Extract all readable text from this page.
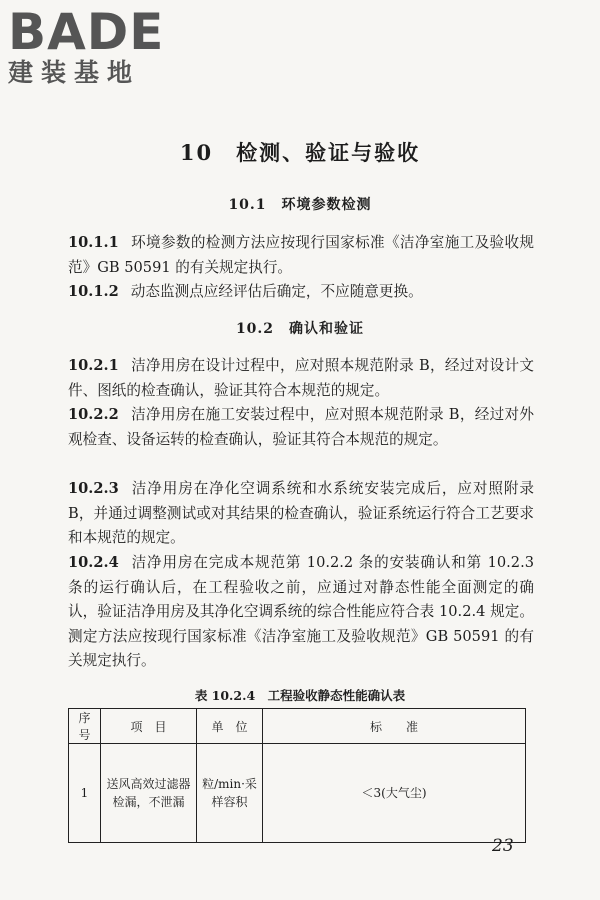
BADE
建装基地
10　检测、验证与验收
10.1　环境参数检测

10.1.1 环境参数的检测方法应按现行国家标准《洁净室施工及验收规范》GB 50591 的有关规定执行。

10.1.2 动态监测点应经评估后确定，不应随意更换。

10.2　确认和验证

10.2.1 洁净用房在设计过程中，应对照本规范附录 B，经过对设计文件、图纸的检查确认，验证其符合本规范的规定。

10.2.2 洁净用房在施工安装过程中，应对照本规范附录 B，经过对外观检查、设备运转的检查确认，验证其符合本规范的规定。

10.2.3 洁净用房在净化空调系统和水系统安装完成后，应对照附录 B，并通过调整测试或对其结果的检查确认，验证系统运行符合工艺要求和本规范的规定。

10.2.4 洁净用房在完成本规范第 10.2.2 条的安装确认和第 10.2.3 条的运行确认后，在工程验收之前，应通过对静态性能全面测定的确认，验证洁净用房及其净化空调系统的综合性能应符合表 10.2.4 规定。测定方法应按现行国家标准《洁净室施工及验收规范》GB 50591 的有关规定执行。

表 10.2.4　工程验收静态性能确认表
序号	项　目	单　位	标　　准
1	送风高效过滤器检漏，不泄漏	粒/min·采样容积	＜3(大气尘)
23
